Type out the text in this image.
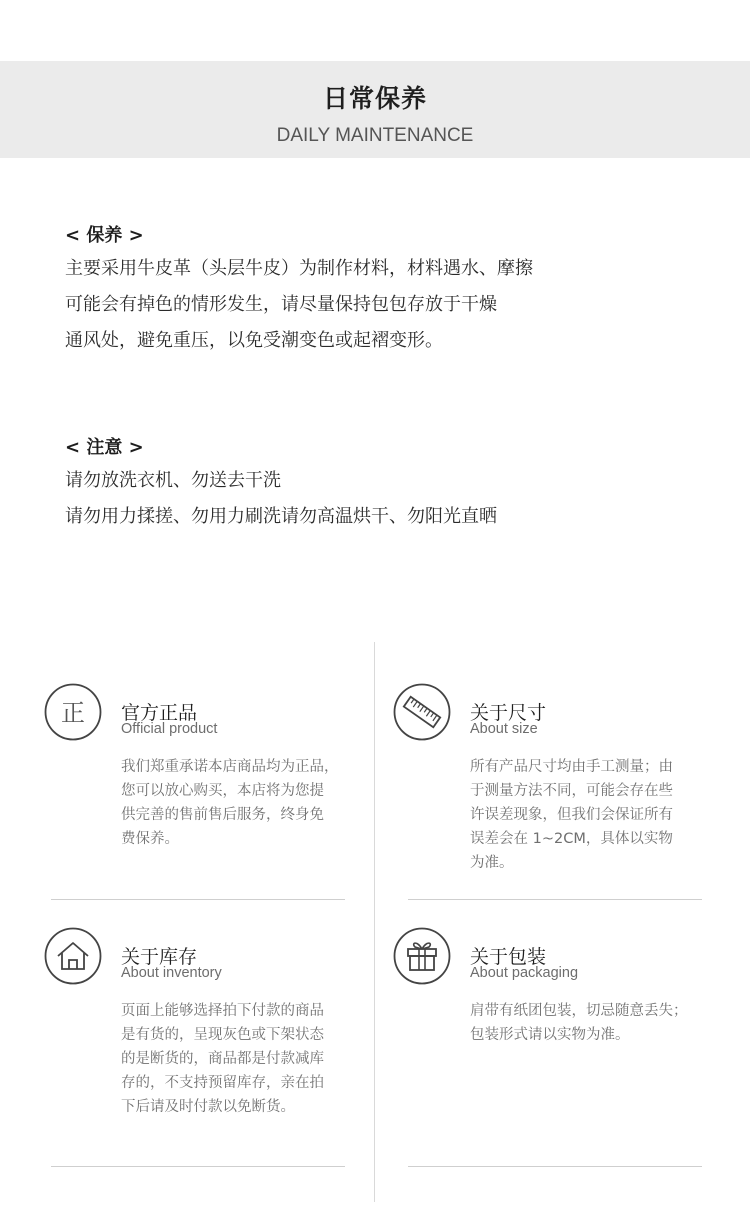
日常保养
DAILY MAINTENANCE
< 保养 >
主要采用牛皮革（头层牛皮）为制作材料，材料遇水、摩擦
可能会有掉色的情形发生，请尽量保持包包存放于干燥
通风处，避免重压，以免受潮变色或起褶变形。
< 注意 >
请勿放洗衣机、勿送去干洗
请勿用力揉搓、勿用力刷洗请勿高温烘干、勿阳光直晒
正 官方正品
Official product
我们郑重承诺本店商品均为正品，
您可以放心购买，本店将为您提
供完善的售前售后服务，终身免
费保养。
关于尺寸
About size
所有产品尺寸均由手工测量；由
于测量方法不同，可能会存在些
许误差现象，但我们会保证所有
误差会在 1~2CM，具体以实物
为准。
关于库存
About inventory
页面上能够选择拍下付款的商品
是有货的，呈现灰色或下架状态
的是断货的，商品都是付款减库
存的，不支持预留库存，亲在拍
下后请及时付款以免断货。
关于包装
About packaging
肩带有纸团包装，切忌随意丢失；
包装形式请以实物为准。
